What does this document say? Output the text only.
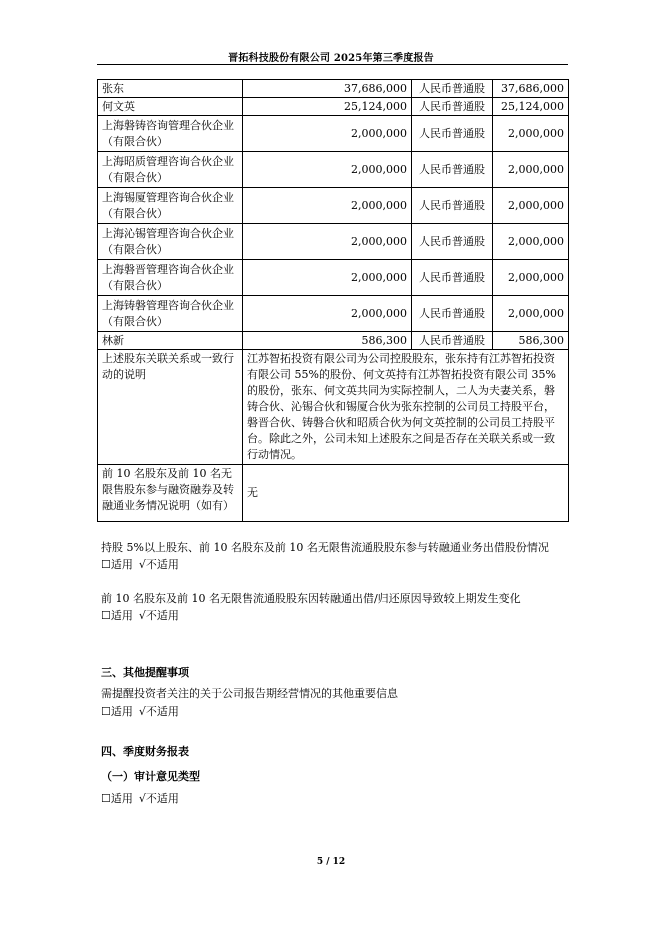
晋拓科技股份有限公司 2025年第三季度报告
张东	37,686,000	人民币普通股	37,686,000
何文英	25,124,000	人民币普通股	25,124,000
上海磐铸咨询管理合伙企业（有限合伙）	2,000,000	人民币普通股	2,000,000
上海昭质管理咨询合伙企业（有限合伙）	2,000,000	人民币普通股	2,000,000
上海锡厦管理咨询合伙企业（有限合伙）	2,000,000	人民币普通股	2,000,000
上海沁锡管理咨询合伙企业（有限合伙）	2,000,000	人民币普通股	2,000,000
上海磐晋管理咨询合伙企业（有限合伙）	2,000,000	人民币普通股	2,000,000
上海铸磐管理咨询合伙企业（有限合伙）	2,000,000	人民币普通股	2,000,000
林新	586,300	人民币普通股	586,300
上述股东关联关系或一致行动的说明	江苏智拓投资有限公司为公司控股股东，张东持有江苏智拓投资有限公司 55%的股份、何文英持有江苏智拓投资有限公司 35%的股份，张东、何文英共同为实际控制人，二人为夫妻关系，磐铸合伙、沁锡合伙和锡厦合伙为张东控制的公司员工持股平台，磐晋合伙、铸磐合伙和昭质合伙为何文英控制的公司员工持股平台。除此之外，公司未知上述股东之间是否存在关联关系或一致行动情况。		
前 10 名股东及前 10 名无限售股东参与融资融券及转融通业务情况说明（如有）	无		
持股 5%以上股东、前 10 名股东及前 10 名无限售流通股股东参与转融通业务出借股份情况
☐适用 √不适用
前 10 名股东及前 10 名无限售流通股股东因转融通出借/归还原因导致较上期发生变化
☐适用 √不适用
三、其他提醒事项
需提醒投资者关注的关于公司报告期经营情况的其他重要信息
☐适用 √不适用
四、季度财务报表
（一）审计意见类型
☐适用 √不适用
5 / 12
